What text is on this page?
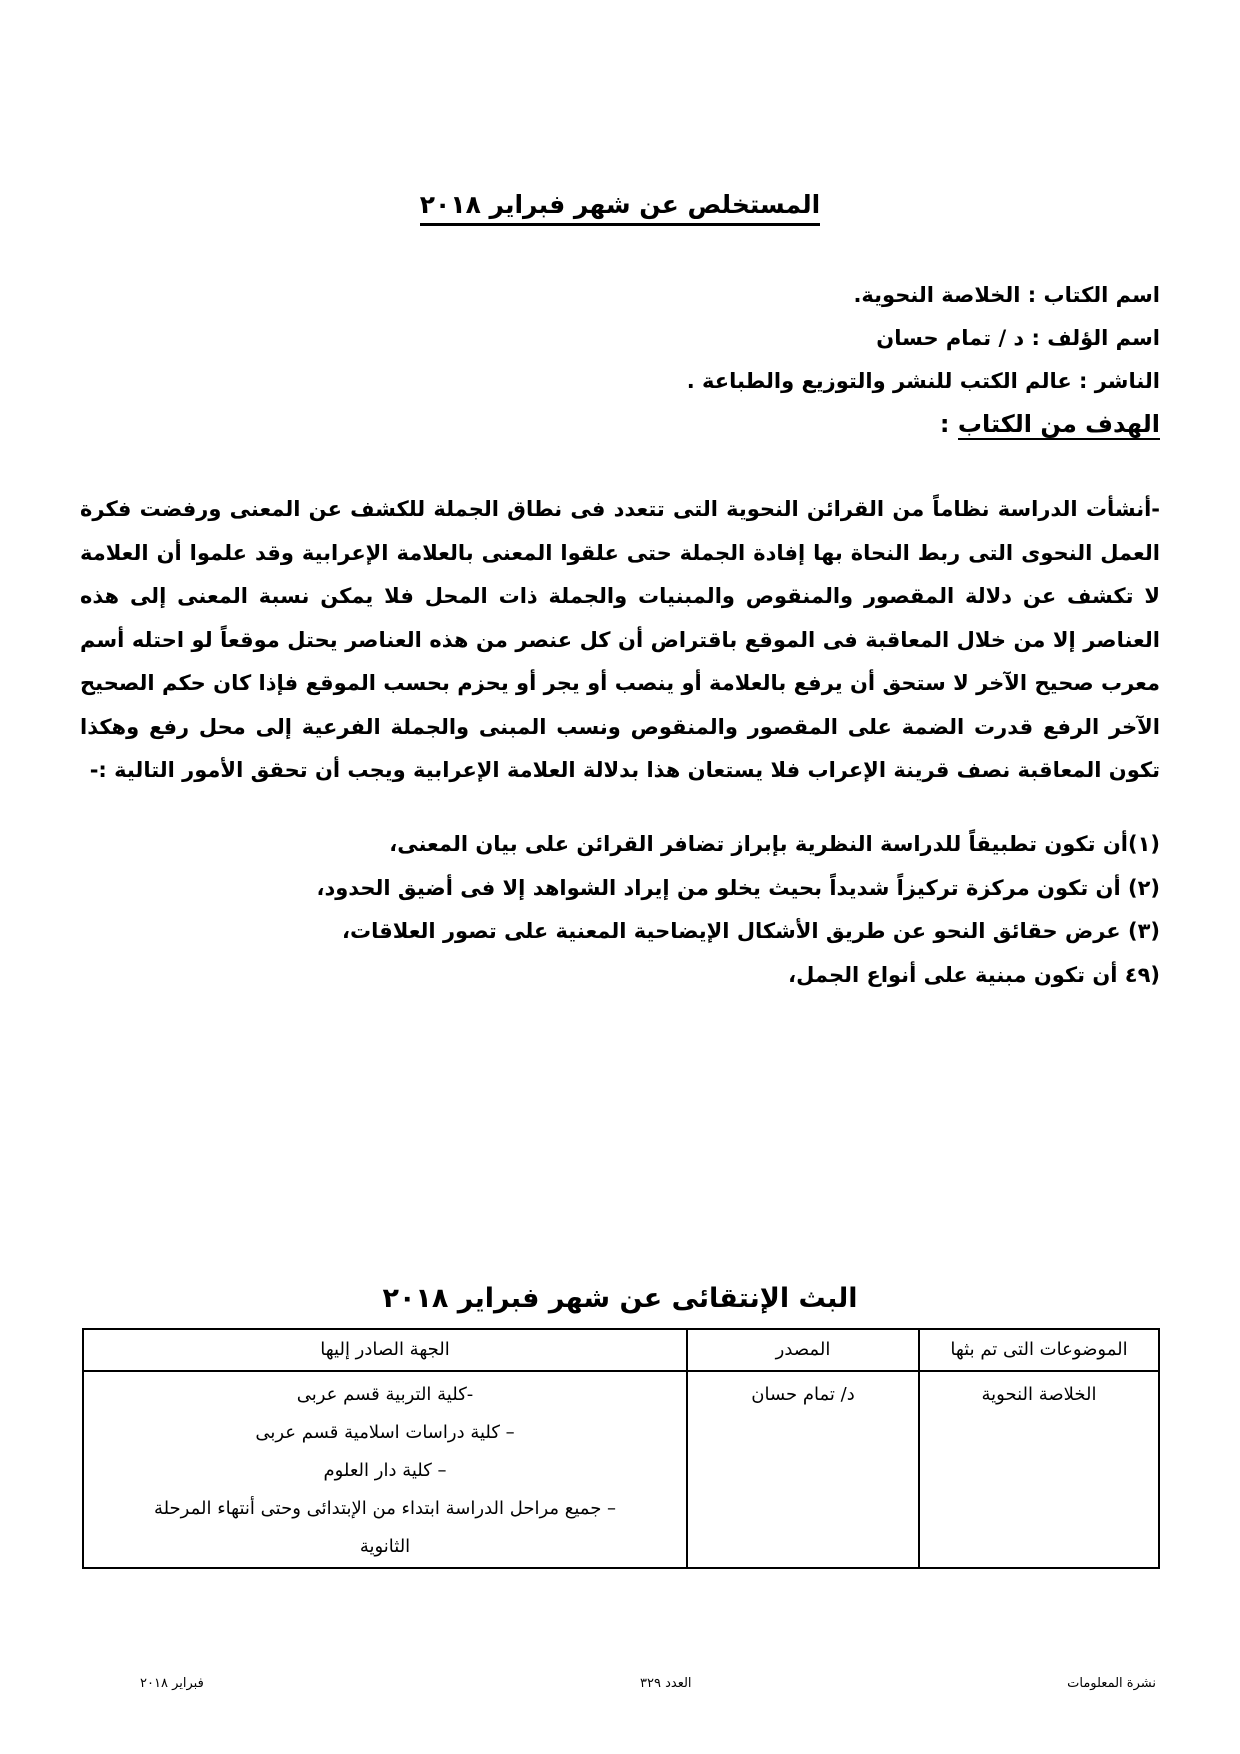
المستخلص عن شهر فبراير ٢٠١٨
اسم الكتاب : الخلاصة النحوية.
اسم الؤلف : د / تمام حسان
الناشر : عالم الكتب للنشر والتوزيع والطباعة .
الهدف من الكتاب :
-أنشأت الدراسة نظاماً من القرائن النحوية التى تتعدد فى نطاق الجملة للكشف عن المعنى ورفضت فكرة العمل النحوى التى ربط النحاة بها إفادة الجملة حتى علقوا المعنى بالعلامة الإعرابية وقد علموا أن العلامة لا تكشف عن دلالة المقصور والمنقوص والمبنيات والجملة ذات المحل فلا يمكن نسبة المعنى إلى هذه العناصر إلا من خلال المعاقبة فى الموقع باقتراض أن كل عنصر من هذه العناصر يحتل موقعاً لو احتله أسم معرب صحيح الآخر لا ستحق أن يرفع بالعلامة أو ينصب أو يجر أو يحزم بحسب الموقع فإذا كان حكم الصحيح الآخر الرفع قدرت الضمة على المقصور والمنقوص ونسب المبنى والجملة الفرعية إلى محل رفع وهكذا تكون المعاقبة نصف قرينة الإعراب فلا يستعان هذا بدلالة العلامة الإعرابية ويجب أن تحقق الأمور التالية :-
(١)أن تكون تطبيقاً للدراسة النظرية بإبراز تضافر القرائن على بيان المعنى،
(٢) أن تكون مركزة تركيزاً شديداً بحيث يخلو من إيراد الشواهد إلا فى أضيق الحدود،
(٣) عرض حقائق النحو عن طريق الأشكال الإيضاحية المعنية على تصور العلاقات،
(٤٩ أن تكون مبنية على أنواع الجمل،
البث الإنتقائى عن شهر فبراير ٢٠١٨
الموضوعات التى تم بثها	المصدر	الجهة الصادر إليها

الخلاصة النحوية	د/ تمام حسان	-كلية التربية قسم عربى
– كلية دراسات اسلامية قسم عربى
– كلية دار العلوم
– جميع مراحل الدراسة ابتداء من الإبتدائى وحتى أنتهاء المرحلة
الثانوية
نشرة المعلومات
العدد ٣٢٩
فبراير ٢٠١٨
